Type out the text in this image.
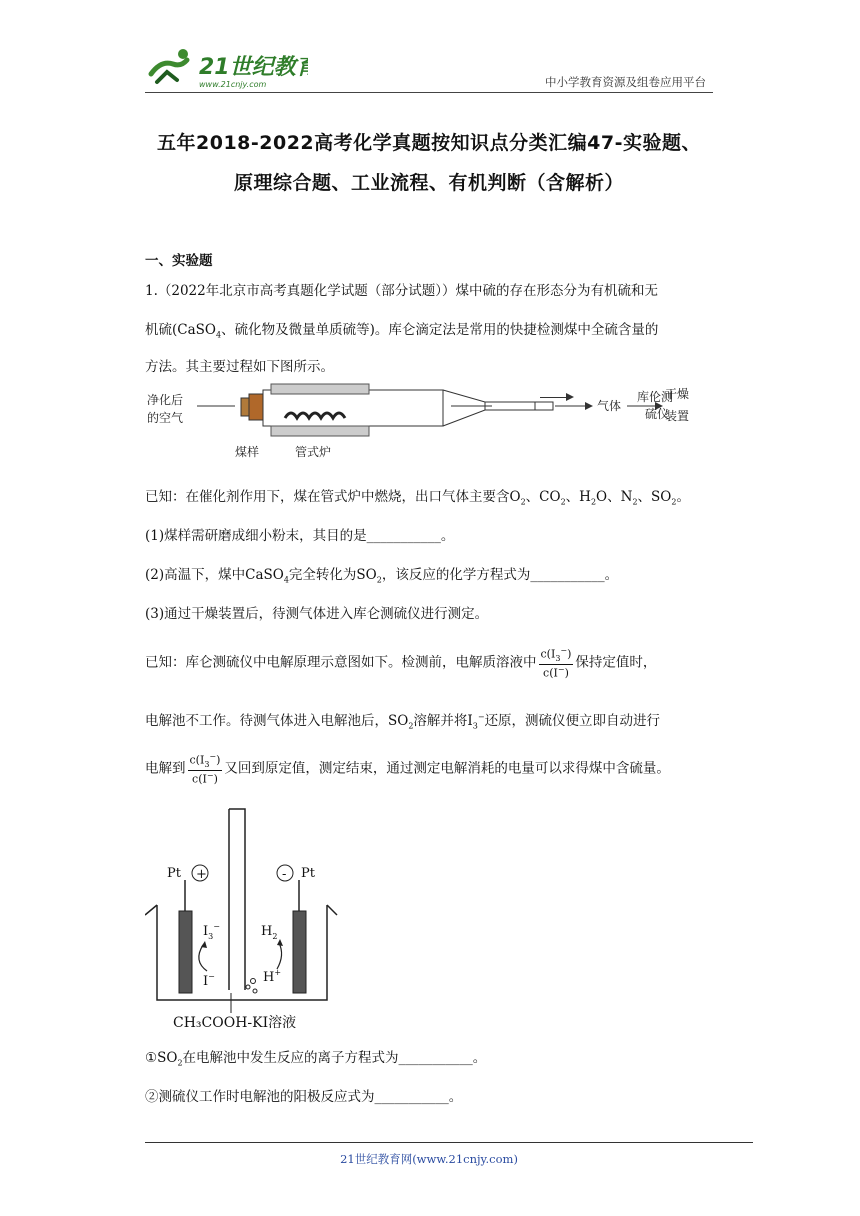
21世纪教育
www.21cnjy.com	中小学教育资源及组卷应用平台
五年2018-2022高考化学真题按知识点分类汇编47-实验题、
原理综合题、工业流程、有机判断（含解析）
一、实验题
1.（2022年北京市高考真题化学试题（部分试题））煤中硫的存在形态分为有机硫和无
机硫(CaSO$_4$、硫化物及微量单质硫等)。库仑滴定法是常用的快捷检测煤中全硫含量的
方法。其主要过程如下图所示。
净化后
的空气
气体
干燥
装置
煤样	管式炉
库伦测
硫仪
已知：在催化剂作用下，煤在管式炉中燃烧，出口气体主要含$O_2$、$CO_2$、$H_2O$、$N_2$、$SO_2$。
(1)煤样需研磨成细小粉末，其目的是___________。
(2)高温下，煤中CaSO$_4$完全转化为$SO_2$，该反应的化学方程式为___________。
(3)通过干燥装置后，待测气体进入库仑测硫仪进行测定。
已知：库仑测硫仪中电解原理示意图如下。检测前，电解质溶液中 $\frac{c(I_3^-)}{c(I^-)}$ 保持定值时，
电解池不工作。待测气体进入电解池后，$SO_2$溶解并将$I_3^-$还原，测硫仪便立即自动进行
电解到 $\frac{c(I_3^-)}{c(I^-)}$ 又回到原定值，测定结束，通过测定电解消耗的电量可以求得煤中含硫量。
Pt +	- Pt
$I_3^-$
I−
$H_2$
H+
CH₃COOH-KI溶液
$①SO_2$在电解池中发生反应的离子方程式为___________。
②测硫仪工作时电解池的阳极反应式为___________。
21世纪教育网(www.21cnjy.com)
